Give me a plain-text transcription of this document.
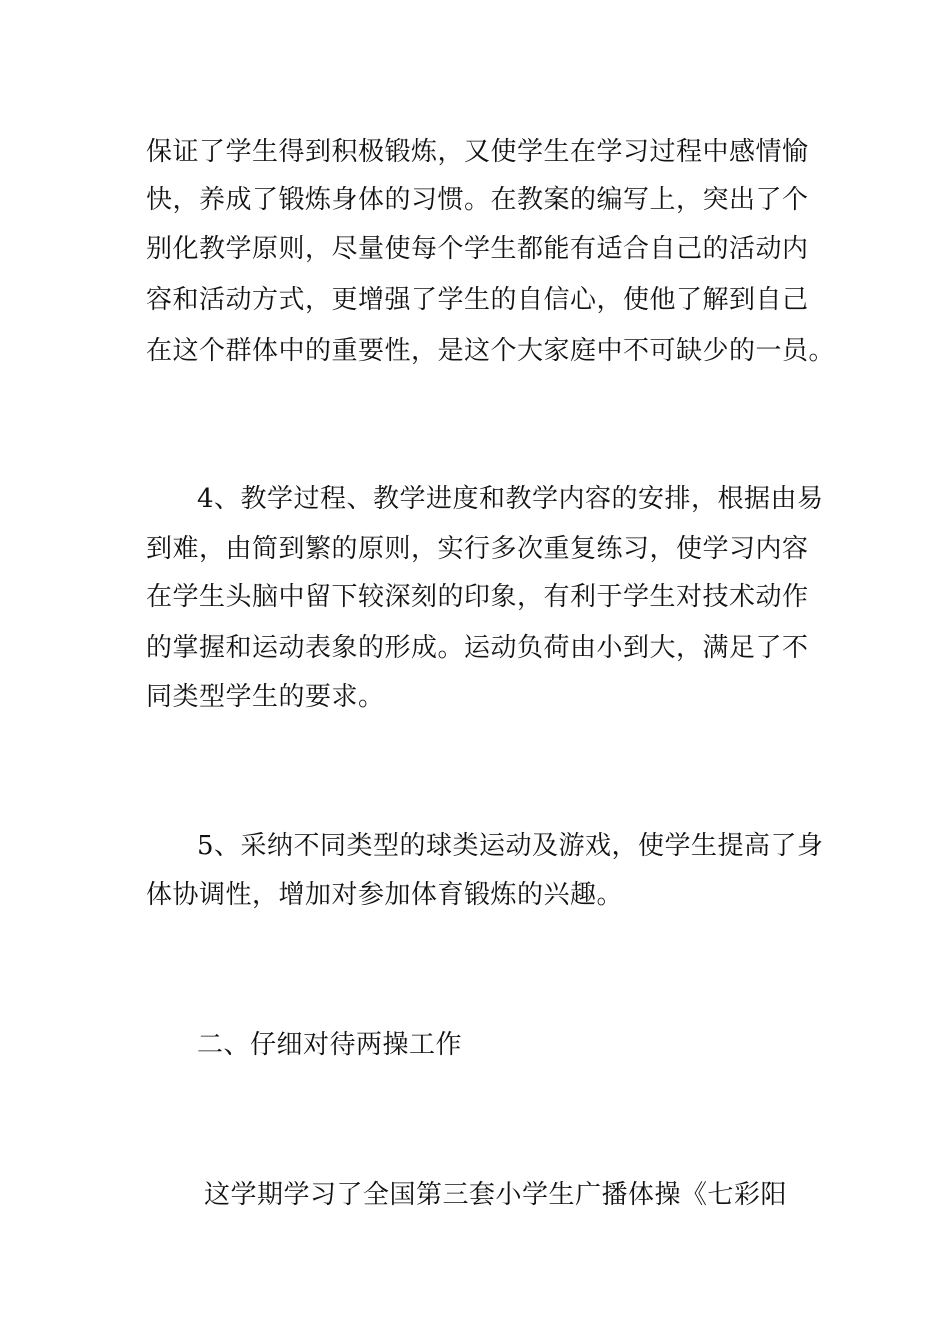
保证了学生得到积极锻炼，又使学生在学习过程中感情愉
快，养成了锻炼身体的习惯。在教案的编写上，突出了个
别化教学原则，尽量使每个学生都能有适合自己的活动内
容和活动方式，更增强了学生的自信心，使他了解到自己
在这个群体中的重要性，是这个大家庭中不可缺少的一员。
4、教学过程、教学进度和教学内容的安排，根据由易
到难，由简到繁的原则，实行多次重复练习，使学习内容
在学生头脑中留下较深刻的印象，有利于学生对技术动作
的掌握和运动表象的形成。运动负荷由小到大，满足了不
同类型学生的要求。
5、采纳不同类型的球类运动及游戏，使学生提高了身
体协调性，增加对参加体育锻炼的兴趣。
二、仔细对待两操工作
这学期学习了全国第三套小学生广播体操《七彩阳
